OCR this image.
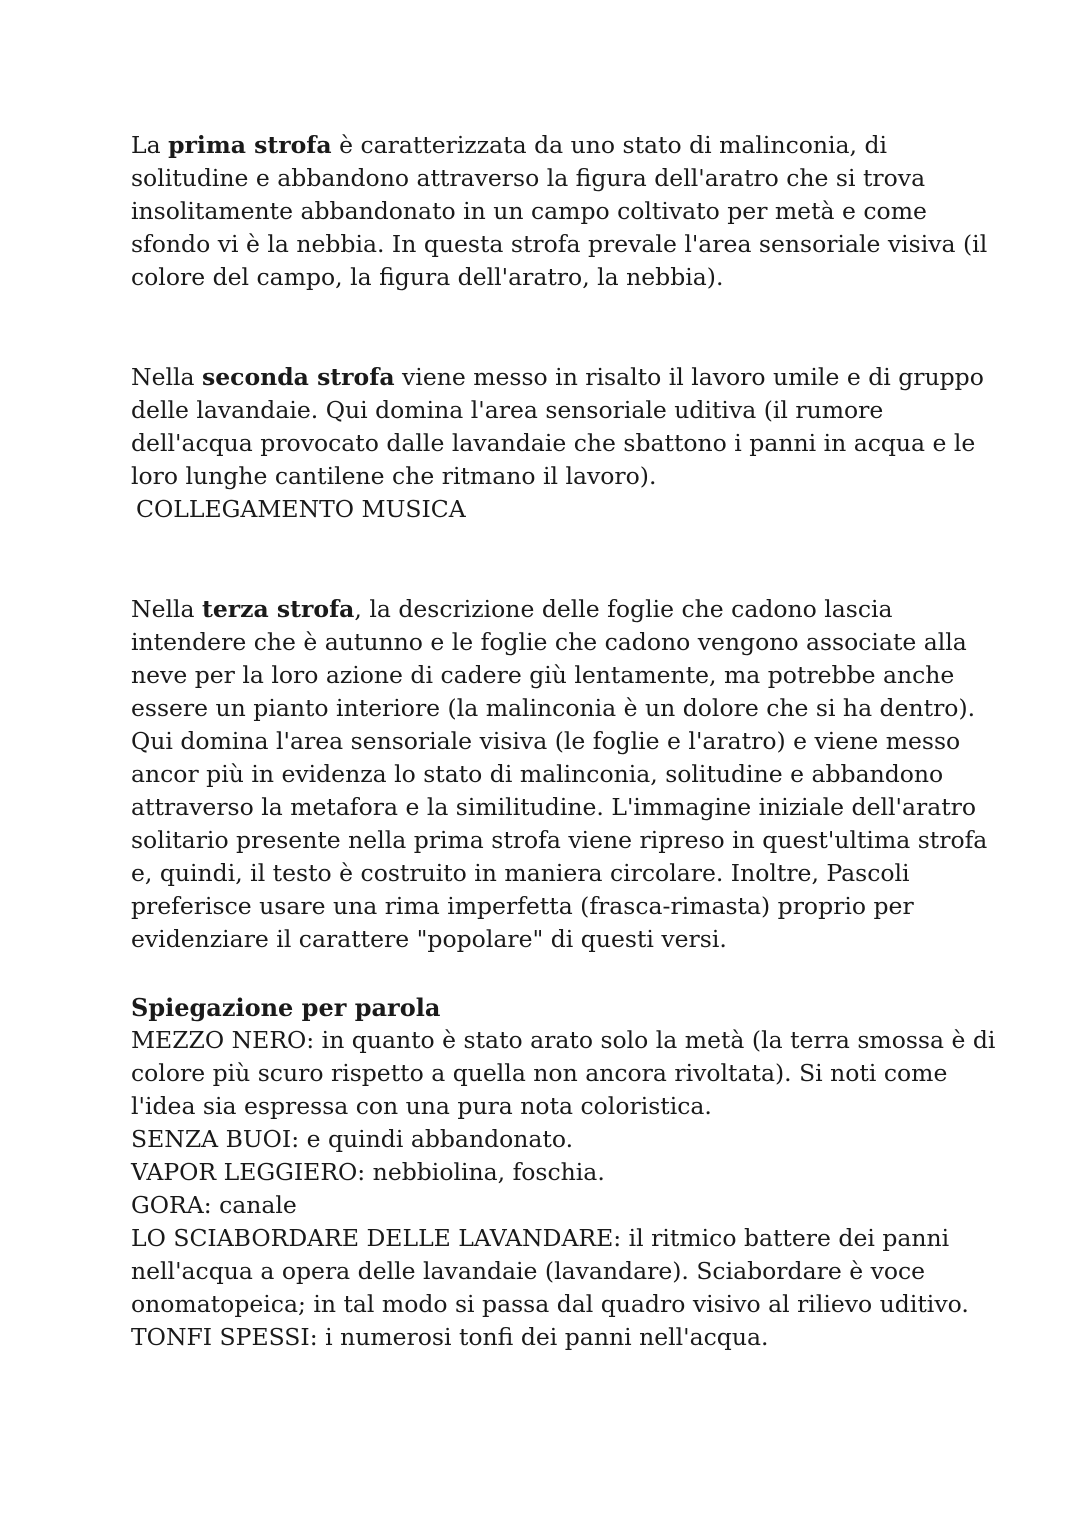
La prima strofa è caratterizzata da uno stato di malinconia, di
solitudine e abbandono attraverso la figura dell'aratro che si trova
insolitamente abbandonato in un campo coltivato per metà e come
sfondo vi è la nebbia. In questa strofa prevale l'area sensoriale visiva (il
colore del campo, la figura dell'aratro, la nebbia).
Nella seconda strofa viene messo in risalto il lavoro umile e di gruppo
delle lavandaie. Qui domina l'area sensoriale uditiva (il rumore
dell'acqua provocato dalle lavandaie che sbattono i panni in acqua e le
loro lunghe cantilene che ritmano il lavoro).
COLLEGAMENTO MUSICA
Nella terza strofa, la descrizione delle foglie che cadono lascia
intendere che è autunno e le foglie che cadono vengono associate alla
neve per la loro azione di cadere giù lentamente, ma potrebbe anche
essere un pianto interiore (la malinconia è un dolore che si ha dentro).
Qui domina l'area sensoriale visiva (le foglie e l'aratro) e viene messo
ancor più in evidenza lo stato di malinconia, solitudine e abbandono
attraverso la metafora e la similitudine. L'immagine iniziale dell'aratro
solitario presente nella prima strofa viene ripreso in quest'ultima strofa
e, quindi, il testo è costruito in maniera circolare. Inoltre, Pascoli
preferisce usare una rima imperfetta (frasca-rimasta) proprio per
evidenziare il carattere "popolare" di questi versi.
Spiegazione per parola
MEZZO NERO: in quanto è stato arato solo la metà (la terra smossa è di
colore più scuro rispetto a quella non ancora rivoltata). Si noti come
l'idea sia espressa con una pura nota coloristica.
SENZA BUOI: e quindi abbandonato.
VAPOR LEGGIERO: nebbiolina, foschia.
GORA: canale
LO SCIABORDARE DELLE LAVANDARE: il ritmico battere dei panni
nell'acqua a opera delle lavandaie (lavandare). Sciabordare è voce
onomatopeica; in tal modo si passa dal quadro visivo al rilievo uditivo.
TONFI SPESSI: i numerosi tonfi dei panni nell'acqua.
